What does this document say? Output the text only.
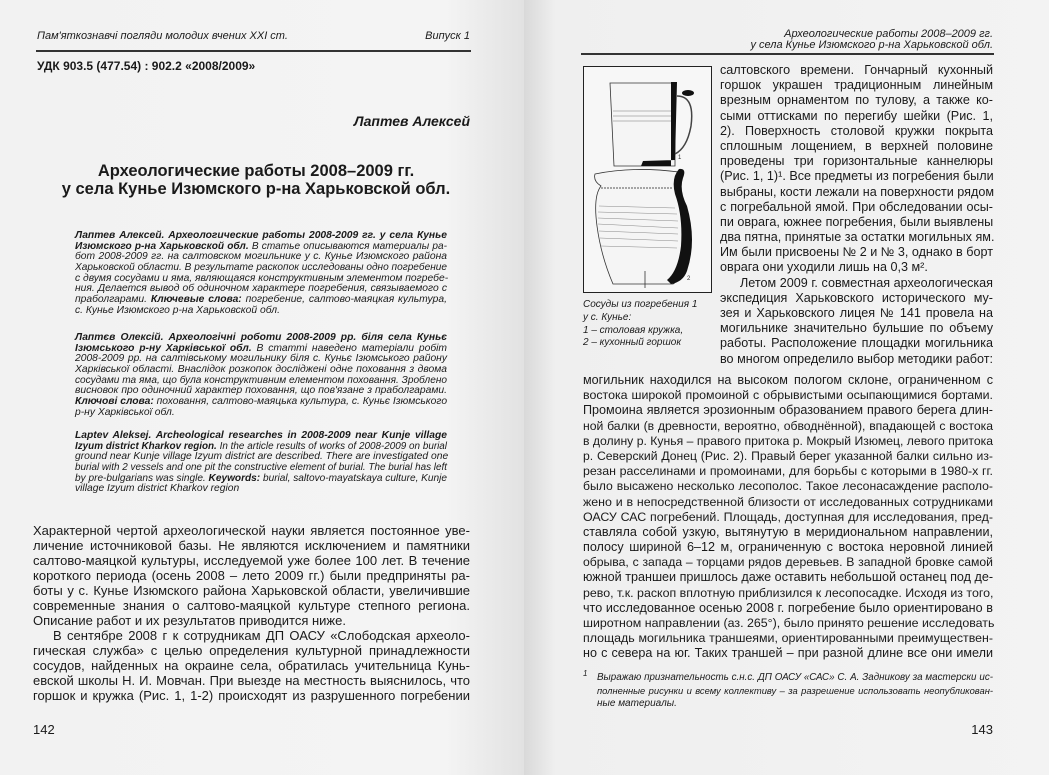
Пам'яткознавчі погляди молодих вчених XXI ст.	Випуск 1
УДК 903.5 (477.54) : 902.2 «2008/2009»
Лаптев Алексей
Археологические работы 2008–2009 гг.
у села Кунье Изюмского р-на Харьковской обл.
Лаптев Алексей. Археологические работы 2008-2009 гг. у села Кунье
Изюмского р-на Харьковской обл. В статье описываются материалы ра-
бот 2008-2009 гг. на салтовском могильнике у с. Кунье Изюмского района
Харьковской области. В результате раскопок исследованы одно погребение
с двумя сосудами и яма, являющаяся конструктивным элементом погребе-
ния. Делается вывод об одиночном характере погребения, связываемого с
праболгарами. Ключевые слова: погребение, салтово-маяцкая культура,
с. Кунье Изюмского р-на Харьковской обл.
Лаптєв Олексій. Археологічні роботи 2008-2009 рр. біля села Куньє
Ізюмського р-ну Харківської обл. В статті наведено матеріали робіт
2008-2009 рр. на салтівському могильнику біля с. Куньє Ізюмського району
Харківської області. Внаслідок розкопок досліджені одне поховання з двома
сосудами та яма, що була конструктивним елементом поховання. Зроблено
висновок про одиночний характер поховання, що пов'язане з праболгарами.
Ключові слова: поховання, салтово-маяцька культура, с. Куньє Ізюмського
р-ну Харківської обл.
Laptev Aleksej. Archeological researches in 2008-2009 near Kunje village
Izyum district Kharkov region. In the article results of works of 2008-2009 on burial
ground near Kunje village Izyum district are described. There are investigated one
burial with 2 vessels and one pit the constructive element of burial. The burial has left
by pre-bulgarians was single. Keywords: burial, saltovo-mayatskaya culture, Kunje
village Izyum district Kharkov region
Характерной чертой археологической науки является постоянное уве-
личение источниковой базы. Не являются исключением и памятники
салтово-маяцкой культуры, исследуемой уже более 100 лет. В течение
короткого периода (осень 2008 – лето 2009 гг.) были предприняты ра-
боты у с. Кунье Изюмского района Харьковской области, увеличившие
современные знания о салтово-маяцкой культуре степного региона.
Описание работ и их результатов приводится ниже.
В сентябре 2008 г к сотрудникам ДП ОАСУ «Слободская археоло-
гическая служба» с целью определения культурной принадлежности
сосудов, найденных на окраине села, обратилась учительница Кунь-
евской школы Н. И. Мовчан. При выезде на местность выяснилось, что
горшок и кружка (Рис. 1, 1-2) происходят из разрушенного погребении
142
Археологические работы 2008–2009 гг.
у села Кунье Изюмского р-на Харьковской обл.
1
2
Сосуды из погребения 1
у с. Кунье:
1 – столовая кружка,
2 – кухонный горшок
салтовского времени. Гончарный кухонный
горшок украшен традиционным линейным
врезным орнаментом по тулову, а также ко-
сыми оттисками по перегибу шейки (Рис. 1,
2). Поверхность столовой кружки покрыта
сплошным лощением, в верхней половине
проведены три горизонтальные каннелюры
(Рис. 1, 1)¹. Все предметы из погребения были
выбраны, кости лежали на поверхности рядом
с погребальной ямой. При обследовании осы-
пи оврага, южнее погребения, были выявлены
два пятна, принятые за остатки могильных ям.
Им были присвоены № 2 и № 3, однако в борт
оврага они уходили лишь на 0,3 м².
Летом 2009 г. совместная археологическая
экспедиция Харьковского исторического му-
зея и Харьковского лицея № 141 провела на
могильнике значительно бульшие по объему
работы. Расположение площадки могильника
во многом определило выбор методики работ:
могильник находился на высоком пологом склоне, ограниченном с
востока широкой промоиной с обрывистыми осыпающимися бортами.
Промоина является эрозионным образованием правого берега длин-
ной балки (в древности, вероятно, обводнённой), впадающей с востока
в долину р. Кунья – правого притока р. Мокрый Изюмец, левого притока
р. Северский Донец (Рис. 2). Правый берег указанной балки сильно из-
резан расселинами и промоинами, для борьбы с которыми в 1980-х гг.
было высажено несколько лесополос. Такое лесонасаждение располо-
жено и в непосредственной близости от исследованных сотрудниками
ОАСУ САС погребений. Площадь, доступная для исследования, пред-
ставляла собой узкую, вытянутую в меридиональном направлении,
полосу шириной 6–12 м, ограниченную с востока неровной линией
обрыва, с запада – торцами рядов деревьев. В западной бровке самой
южной траншеи пришлось даже оставить небольшой останец под де-
рево, т.к. раскоп вплотную приблизился к лесопосадке. Исходя из того,
что исследованное осенью 2008 г. погребение было ориентировано в
широтном направлении (аз. 265°), было принято решение исследовать
площадь могильника траншеями, ориентированными преимуществен-
но с севера на юг. Таких траншей – при разной длине все они имели
1 Выражаю признательность с.н.с. ДП ОАСУ «САС» С. А. Задникову за мастерски ис-
полненные рисунки и всему коллективу – за разрешение использовать неопубликован-
ные материалы.
143
